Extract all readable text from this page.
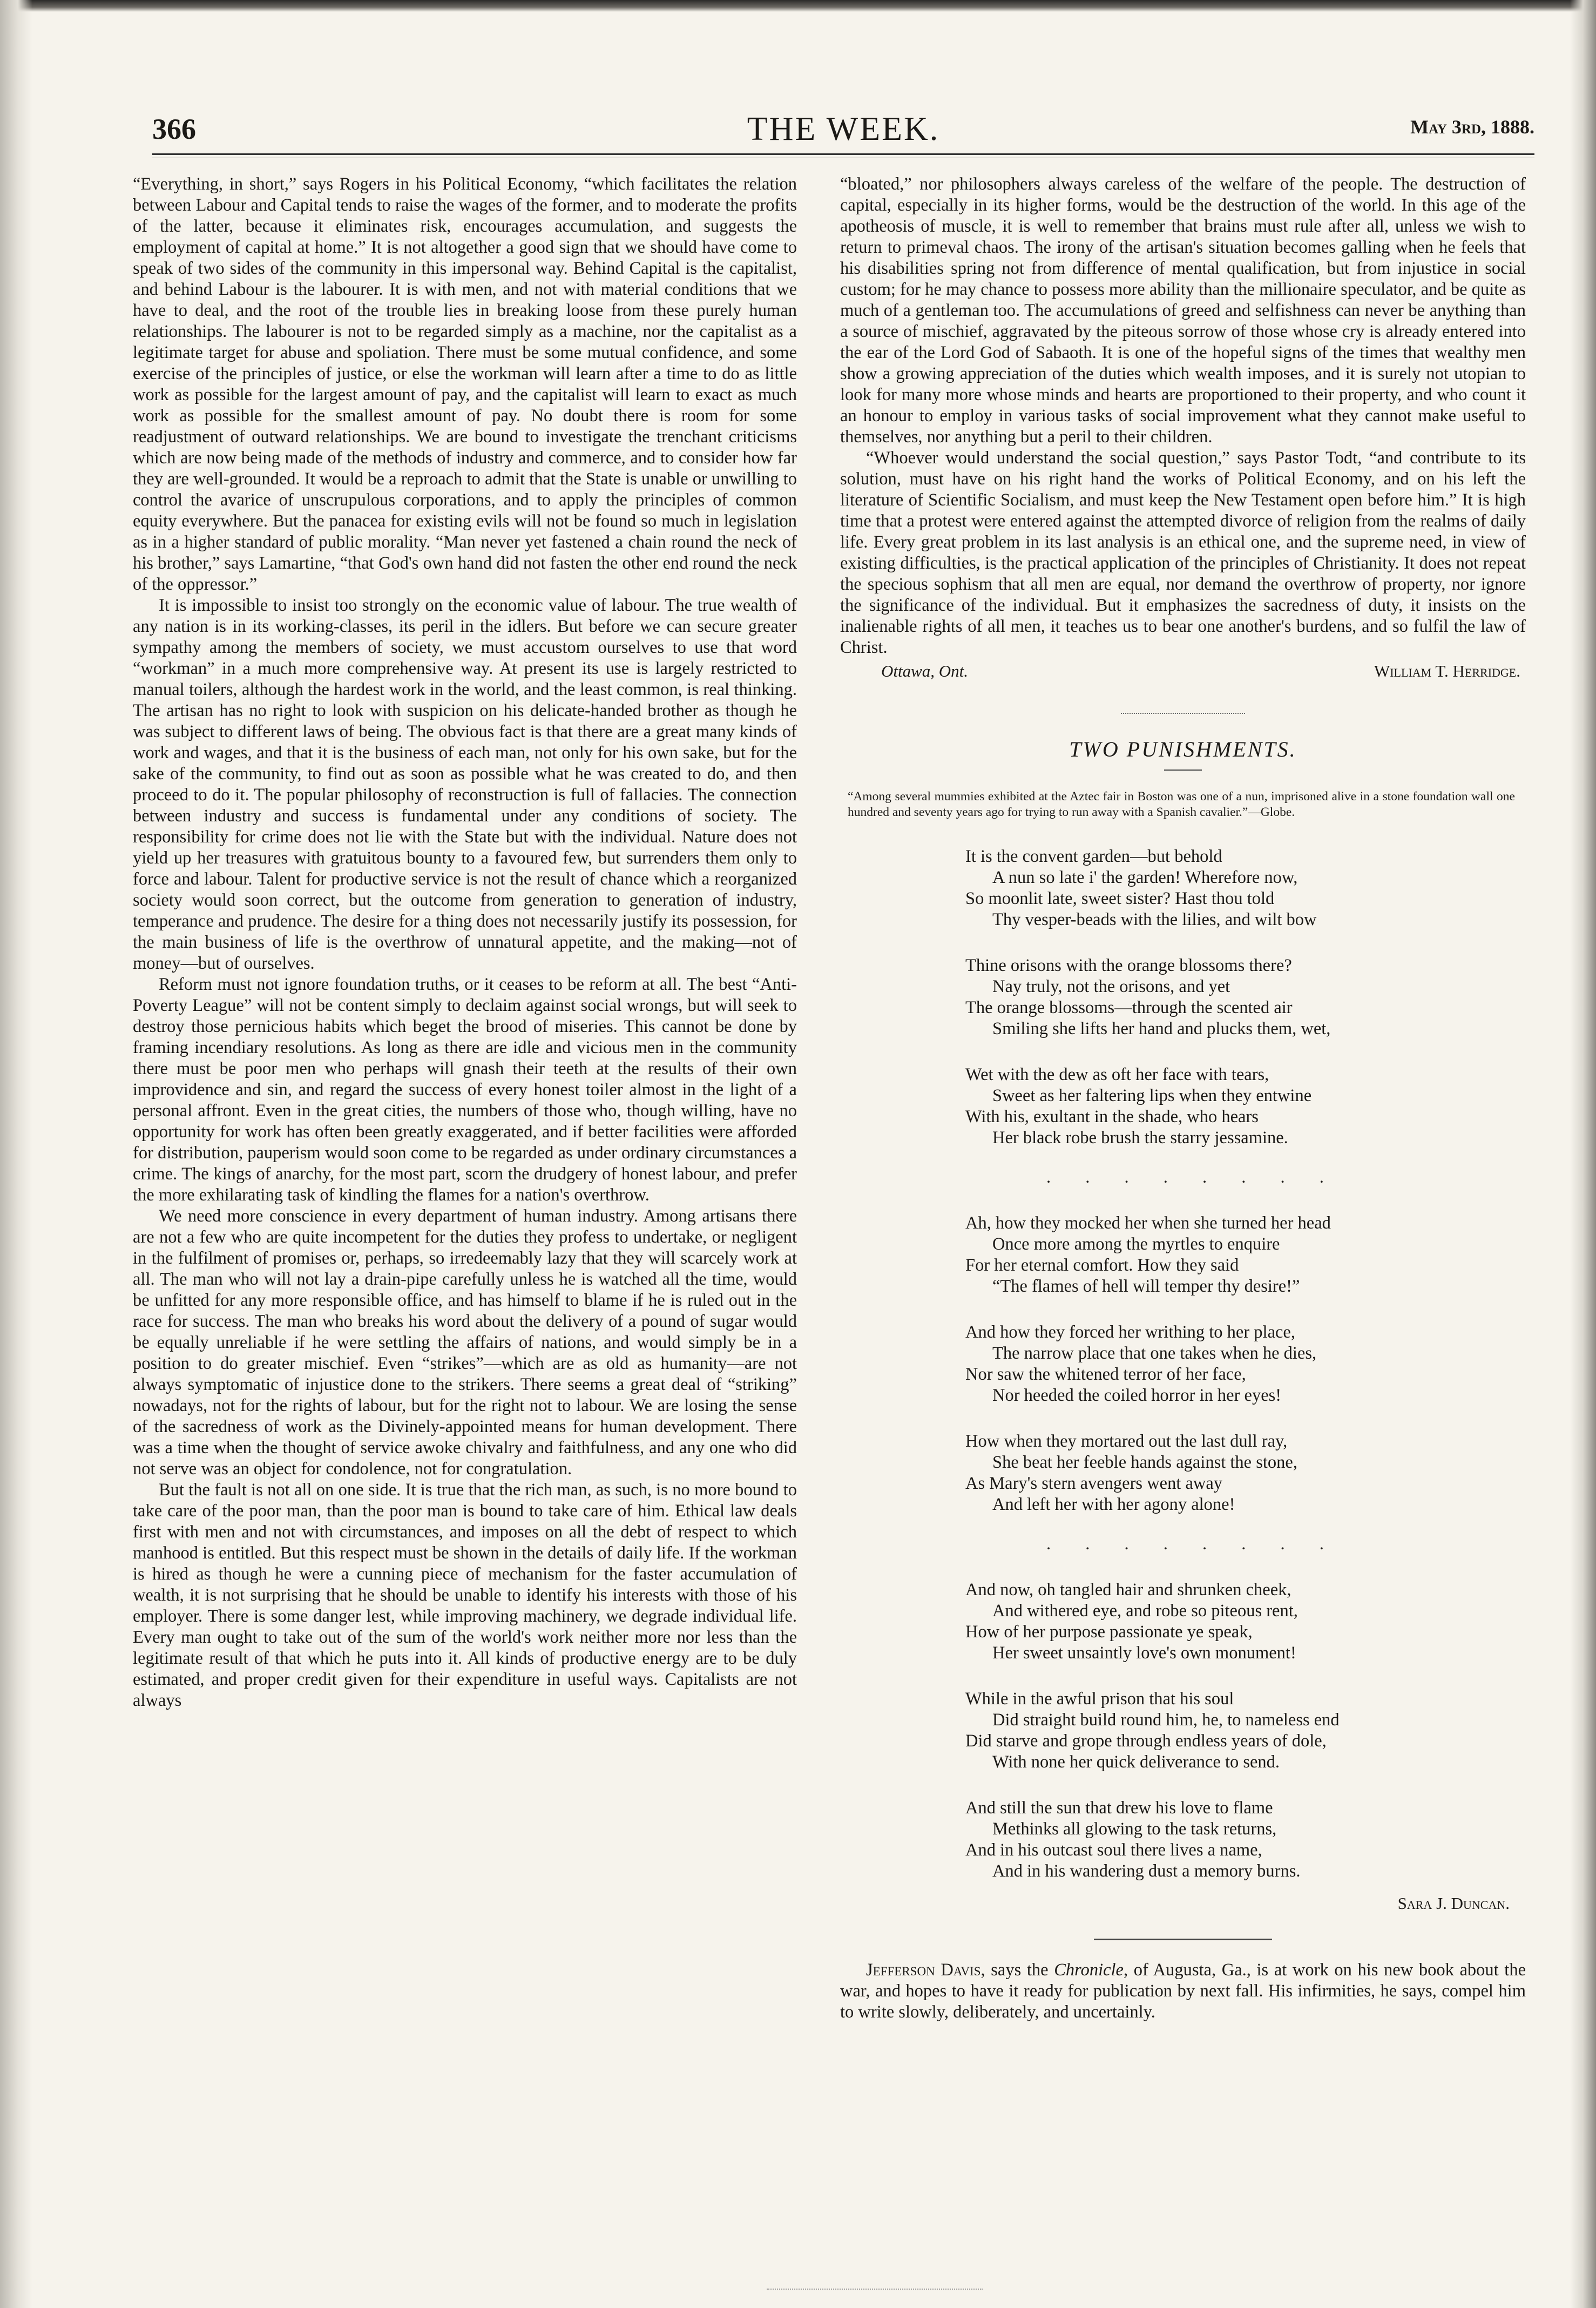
366	THE WEEK.	May 3rd, 1888.

“Everything, in short,” says Rogers in his Political Economy, “which facilitates the relation between Labour and Capital tends to raise the wages of the former, and to moderate the profits of the latter, because it eliminates risk, encourages accumulation, and suggests the employment of capital at home.” It is not altogether a good sign that we should have come to speak of two sides of the community in this impersonal way. Behind Capital is the capitalist, and behind Labour is the labourer. It is with men, and not with material conditions that we have to deal, and the root of the trouble lies in breaking loose from these purely human relationships. The labourer is not to be regarded simply as a machine, nor the capitalist as a legitimate target for abuse and spoliation. There must be some mutual confidence, and some exercise of the principles of justice, or else the workman will learn after a time to do as little work as possible for the largest amount of pay, and the capitalist will learn to exact as much work as possible for the smallest amount of pay. No doubt there is room for some readjustment of outward relationships. We are bound to investigate the trenchant criticisms which are now being made of the methods of industry and commerce, and to consider how far they are well-grounded. It would be a reproach to admit that the State is unable or unwilling to control the avarice of unscrupulous corporations, and to apply the principles of common equity everywhere. But the panacea for existing evils will not be found so much in legislation as in a higher standard of public morality. “Man never yet fastened a chain round the neck of his brother,” says Lamartine, “that God's own hand did not fasten the other end round the neck of the oppressor.”

It is impossible to insist too strongly on the economic value of labour. The true wealth of any nation is in its working-classes, its peril in the idlers. But before we can secure greater sympathy among the members of society, we must accustom ourselves to use that word “workman” in a much more comprehensive way. At present its use is largely restricted to manual toilers, although the hardest work in the world, and the least common, is real thinking. The artisan has no right to look with suspicion on his delicate-handed brother as though he was subject to different laws of being. The obvious fact is that there are a great many kinds of work and wages, and that it is the business of each man, not only for his own sake, but for the sake of the community, to find out as soon as possible what he was created to do, and then proceed to do it. The popular philosophy of reconstruction is full of fallacies. The connection between industry and success is fundamental under any conditions of society. The responsibility for crime does not lie with the State but with the individual. Nature does not yield up her treasures with gratuitous bounty to a favoured few, but surrenders them only to force and labour. Talent for productive service is not the result of chance which a reorganized society would soon correct, but the outcome from generation to generation of industry, temperance and prudence. The desire for a thing does not necessarily justify its possession, for the main business of life is the overthrow of unnatural appetite, and the making—not of money—but of ourselves.

Reform must not ignore foundation truths, or it ceases to be reform at all. The best “Anti-Poverty League” will not be content simply to declaim against social wrongs, but will seek to destroy those pernicious habits which beget the brood of miseries. This cannot be done by framing incendiary resolutions. As long as there are idle and vicious men in the community there must be poor men who perhaps will gnash their teeth at the results of their own improvidence and sin, and regard the success of every honest toiler almost in the light of a personal affront. Even in the great cities, the numbers of those who, though willing, have no opportunity for work has often been greatly exaggerated, and if better facilities were afforded for distribution, pauperism would soon come to be regarded as under ordinary circumstances a crime. The kings of anarchy, for the most part, scorn the drudgery of honest labour, and prefer the more exhilarating task of kindling the flames for a nation's overthrow.

We need more conscience in every department of human industry. Among artisans there are not a few who are quite incompetent for the duties they profess to undertake, or negligent in the fulfilment of promises or, perhaps, so irredeemably lazy that they will scarcely work at all. The man who will not lay a drain-pipe carefully unless he is watched all the time, would be unfitted for any more responsible office, and has himself to blame if he is ruled out in the race for success. The man who breaks his word about the delivery of a pound of sugar would be equally unreliable if he were settling the affairs of nations, and would simply be in a position to do greater mischief. Even “strikes”—which are as old as humanity—are not always symptomatic of injustice done to the strikers. There seems a great deal of “striking” nowadays, not for the rights of labour, but for the right not to labour. We are losing the sense of the sacredness of work as the Divinely-appointed means for human development. There was a time when the thought of service awoke chivalry and faithfulness, and any one who did not serve was an object for condolence, not for congratulation.

But the fault is not all on one side. It is true that the rich man, as such, is no more bound to take care of the poor man, than the poor man is bound to take care of him. Ethical law deals first with men and not with circumstances, and imposes on all the debt of respect to which manhood is entitled. But this respect must be shown in the details of daily life. If the workman is hired as though he were a cunning piece of mechanism for the faster accumulation of wealth, it is not surprising that he should be unable to identify his interests with those of his employer. There is some danger lest, while improving machinery, we degrade individual life. Every man ought to take out of the sum of the world's work neither more nor less than the legitimate result of that which he puts into it. All kinds of productive energy are to be duly estimated, and proper credit given for their expenditure in useful ways. Capitalists are not always

“bloated,” nor philosophers always careless of the welfare of the people. The destruction of capital, especially in its higher forms, would be the destruction of the world. In this age of the apotheosis of muscle, it is well to remember that brains must rule after all, unless we wish to return to primeval chaos. The irony of the artisan's situation becomes galling when he feels that his disabilities spring not from difference of mental qualification, but from injustice in social custom; for he may chance to possess more ability than the millionaire speculator, and be quite as much of a gentleman too. The accumulations of greed and selfishness can never be anything than a source of mischief, aggravated by the piteous sorrow of those whose cry is already entered into the ear of the Lord God of Sabaoth. It is one of the hopeful signs of the times that wealthy men show a growing appreciation of the duties which wealth imposes, and it is surely not utopian to look for many more whose minds and hearts are proportioned to their property, and who count it an honour to employ in various tasks of social improvement what they cannot make useful to themselves, nor anything but a peril to their children.

“Whoever would understand the social question,” says Pastor Todt, “and contribute to its solution, must have on his right hand the works of Political Economy, and on his left the literature of Scientific Socialism, and must keep the New Testament open before him.” It is high time that a protest were entered against the attempted divorce of religion from the realms of daily life. Every great problem in its last analysis is an ethical one, and the supreme need, in view of existing difficulties, is the practical application of the principles of Christianity. It does not repeat the specious sophism that all men are equal, nor demand the overthrow of property, nor ignore the significance of the individual. But it emphasizes the sacredness of duty, it insists on the inalienable rights of all men, it teaches us to bear one another's burdens, and so fulfil the law of Christ.

Ottawa, Ont.	William T. Herridge.
TWO PUNISHMENTS.
“Among several mummies exhibited at the Aztec fair in Boston was one of a nun, imprisoned alive in a stone foundation wall one hundred and seventy years ago for trying to run away with a Spanish cavalier.”—Globe.
It is the convent garden—but behold
A nun so late i' the garden! Wherefore now,
So moonlit late, sweet sister? Hast thou told
Thy vesper-beads with the lilies, and wilt bow
Thine orisons with the orange blossoms there?
Nay truly, not the orisons, and yet
The orange blossoms—through the scented air
Smiling she lifts her hand and plucks them, wet,
Wet with the dew as oft her face with tears,
Sweet as her faltering lips when they entwine
With his, exultant in the shade, who hears
Her black robe brush the starry jessamine.
. . . . . . . .
Ah, how they mocked her when she turned her head
Once more among the myrtles to enquire
For her eternal comfort. How they said
“The flames of hell will temper thy desire!”
And how they forced her writhing to her place,
The narrow place that one takes when he dies,
Nor saw the whitened terror of her face,
Nor heeded the coiled horror in her eyes!
How when they mortared out the last dull ray,
She beat her feeble hands against the stone,
As Mary's stern avengers went away
And left her with her agony alone!
. . . . . . . .
And now, oh tangled hair and shrunken cheek,
And withered eye, and robe so piteous rent,
How of her purpose passionate ye speak,
Her sweet unsaintly love's own monument!
While in the awful prison that his soul
Did straight build round him, he, to nameless end
Did starve and grope through endless years of dole,
With none her quick deliverance to send.
And still the sun that drew his love to flame
Methinks all glowing to the task returns,
And in his outcast soul there lives a name,
And in his wandering dust a memory burns.
Sara J. Duncan.

Jefferson Davis, says the Chronicle, of Augusta, Ga., is at work on his new book about the war, and hopes to have it ready for publication by next fall. His infirmities, he says, compel him to write slowly, deliberately, and uncertainly.
